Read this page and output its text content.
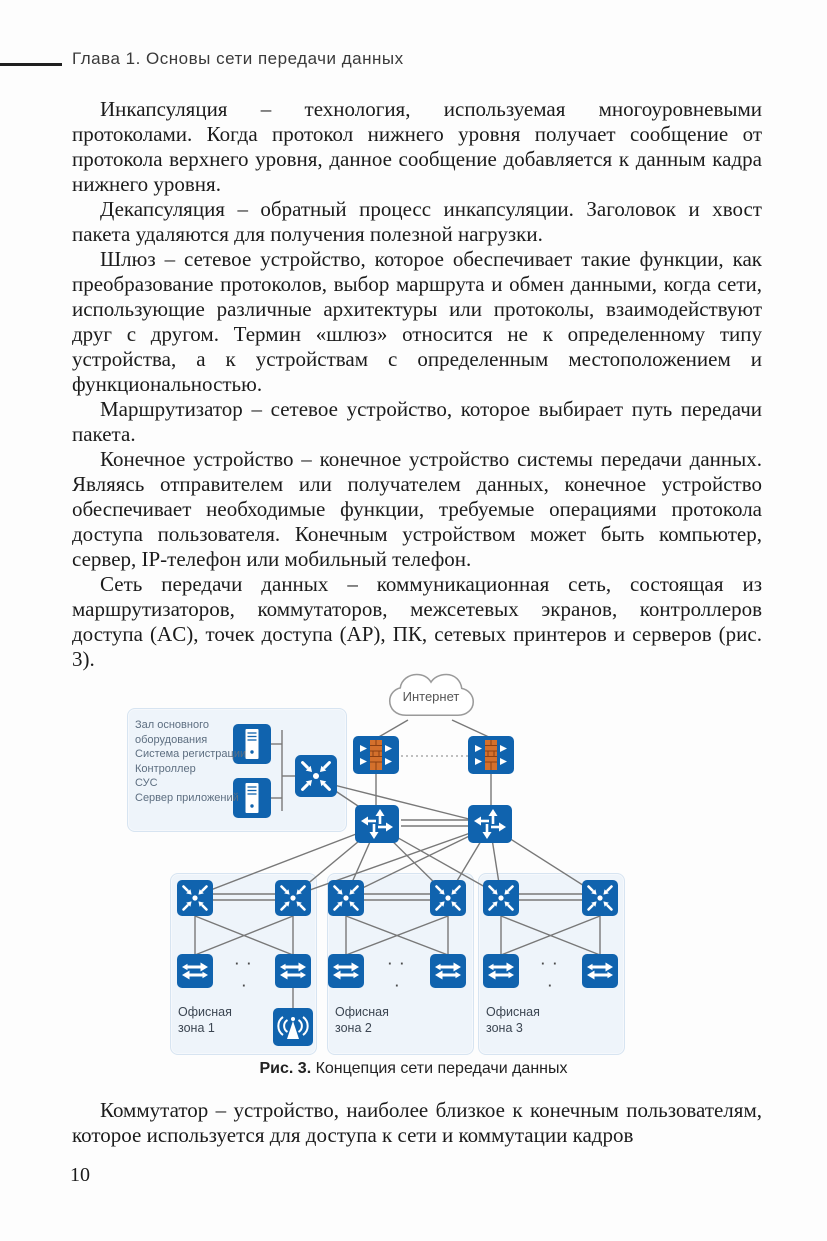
Глава 1. Основы сети передачи данных

Инкапсуляция – технология, используемая многоуровневыми протоколами. Когда протокол нижнего уровня получает сообщение от протокола верхнего уровня, данное сообщение добавляется к данным кадра нижнего уровня.

Декапсуляция – обратный процесс инкапсуляции. Заголовок и хвост пакета удаляются для получения полезной нагрузки.

Шлюз – сетевое устройство, которое обеспечивает такие функции, как преобразование протоколов, выбор маршрута и обмен данными, когда сети, использующие различные архитектуры или протоколы, взаимодействуют друг с другом. Термин «шлюз» относится не к определенному типу устройства, а к устройствам с определенным местоположением и функциональностью.

Маршрутизатор – сетевое устройство, которое выбирает путь передачи пакета.

Конечное устройство – конечное устройство системы передачи данных. Являясь отправителем или получателем данных, конечное устройство обеспечивает необходимые функции, требуемые операциями протокола доступа пользователя. Конечным устройством может быть компьютер, сервер, IP-телефон или мобильный телефон.

Сеть передачи данных – коммуникационная сеть, состоящая из маршрутизаторов, коммутаторов, межсетевых экранов, контроллеров доступа (AC), точек доступа (AP), ПК, сетевых принтеров и серверов (рис. 3).

Интернет
Зал основного
оборудования
Система регистрации
Контроллер
СУС
Сервер приложений
· ·
·
· ·
·
· ·
·
Офисная зона 1
Офисная зона 2
Офисная зона 3
Рис. 3. Концепция сети передачи данных

Коммутатор – устройство, наиболее близкое к конечным пользователям, которое используется для доступа к сети и коммутации кадров

10
